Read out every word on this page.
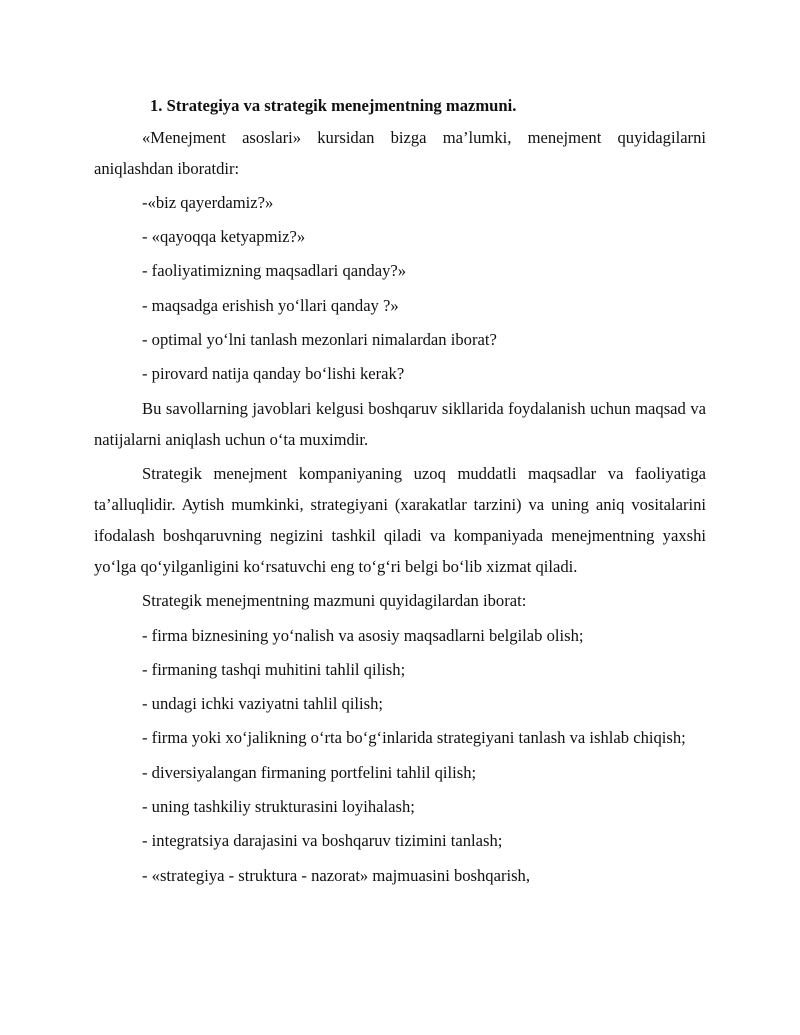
1. Strategiya va strategik menejmentning mazmuni.
«Menejment asoslari» kursidan bizga ma’lumki, menejment quyidagilarni aniqlashdan iboratdir:
-«biz qayerdamiz?»
- «qayoqqa ketyapmiz?»
- faoliyatimizning maqsadlari qanday?»
- maqsadga erishish yo‘llari qanday ?»
- optimal yo‘lni tanlash mezonlari nimalardan iborat?
- pirovard natija qanday bo‘lishi kerak?
Bu savollarning javoblari kelgusi boshqaruv sikllarida foydalanish uchun maqsad va natijalarni aniqlash uchun o‘ta muximdir.
Strategik menejment kompaniyaning uzoq muddatli maqsadlar va faoliyatiga ta’alluqlidir. Aytish mumkinki, strategiyani (xarakatlar tarzini) va uning aniq vositalarini ifodalash boshqaruvning negizini tashkil qiladi va kompaniyada menejmentning yaxshi yo‘lga qo‘yilganligini ko‘rsatuvchi eng to‘g‘ri belgi bo‘lib xizmat qiladi.
Strategik menejmentning mazmuni quyidagilardan iborat:
- firma biznesining yo‘nalish va asosiy maqsadlarni belgilab olish;
- firmaning tashqi muhitini tahlil qilish;
- undagi ichki vaziyatni tahlil qilish;
- firma yoki xo‘jalikning o‘rta bo‘g‘inlarida strategiyani tanlash va ishlab chiqish;
- diversiyalangan firmaning portfelini tahlil qilish;
- uning tashkiliy strukturasini loyihalash;
- integratsiya darajasini va boshqaruv tizimini tanlash;
- «strategiya - struktura - nazorat» majmuasini boshqarish,
